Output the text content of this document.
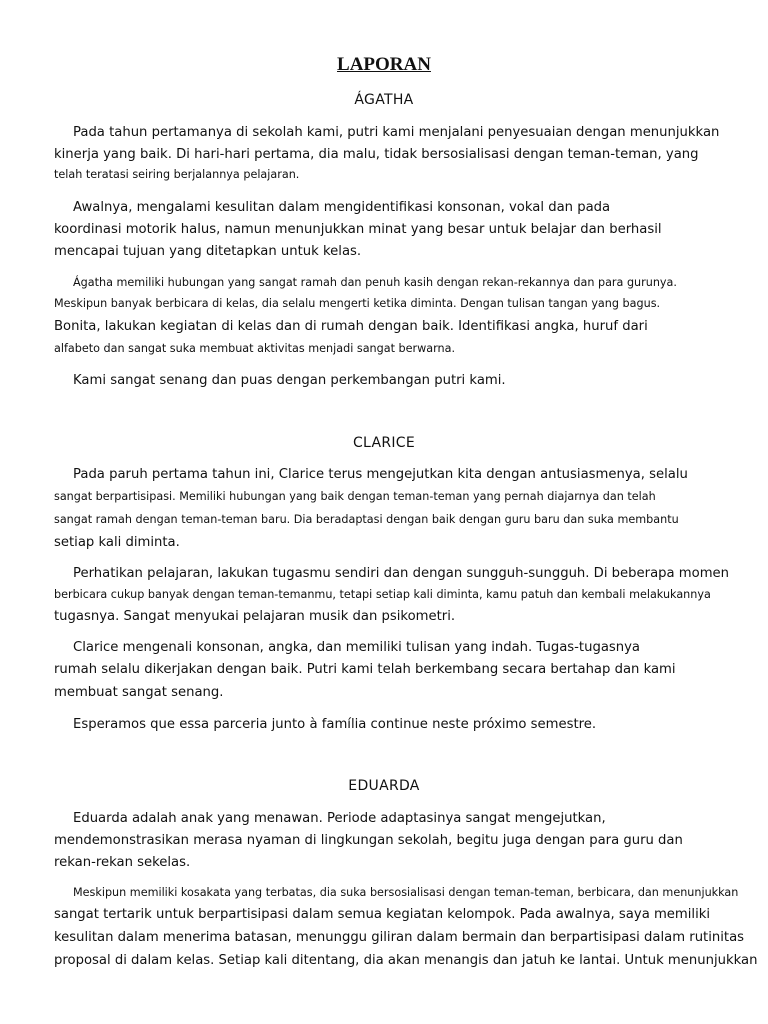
LAPORAN
ÁGATHA
Pada tahun pertamanya di sekolah kami, putri kami menjalani penyesuaian dengan menunjukkan
kinerja yang baik. Di hari-hari pertama, dia malu, tidak bersosialisasi dengan teman-teman, yang
telah teratasi seiring berjalannya pelajaran.
Awalnya, mengalami kesulitan dalam mengidentifikasi konsonan, vokal dan pada
koordinasi motorik halus, namun menunjukkan minat yang besar untuk belajar dan berhasil
mencapai tujuan yang ditetapkan untuk kelas.
Ágatha memiliki hubungan yang sangat ramah dan penuh kasih dengan rekan-rekannya dan para gurunya.
Meskipun banyak berbicara di kelas, dia selalu mengerti ketika diminta. Dengan tulisan tangan yang bagus.
Bonita, lakukan kegiatan di kelas dan di rumah dengan baik. Identifikasi angka, huruf dari
alfabeto dan sangat suka membuat aktivitas menjadi sangat berwarna.
Kami sangat senang dan puas dengan perkembangan putri kami.
CLARICE
Pada paruh pertama tahun ini, Clarice terus mengejutkan kita dengan antusiasmenya, selalu
sangat berpartisipasi. Memiliki hubungan yang baik dengan teman-teman yang pernah diajarnya dan telah
sangat ramah dengan teman-teman baru. Dia beradaptasi dengan baik dengan guru baru dan suka membantu
setiap kali diminta.
Perhatikan pelajaran, lakukan tugasmu sendiri dan dengan sungguh-sungguh. Di beberapa momen
berbicara cukup banyak dengan teman-temanmu, tetapi setiap kali diminta, kamu patuh dan kembali melakukannya
tugasnya. Sangat menyukai pelajaran musik dan psikometri.
Clarice mengenali konsonan, angka, dan memiliki tulisan yang indah. Tugas-tugasnya
rumah selalu dikerjakan dengan baik. Putri kami telah berkembang secara bertahap dan kami
membuat sangat senang.
Esperamos que essa parceria junto à família continue neste próximo semestre.
EDUARDA
Eduarda adalah anak yang menawan. Periode adaptasinya sangat mengejutkan,
mendemonstrasikan merasa nyaman di lingkungan sekolah, begitu juga dengan para guru dan
rekan-rekan sekelas.
Meskipun memiliki kosakata yang terbatas, dia suka bersosialisasi dengan teman-teman, berbicara, dan menunjukkan
sangat tertarik untuk berpartisipasi dalam semua kegiatan kelompok. Pada awalnya, saya memiliki
kesulitan dalam menerima batasan, menunggu giliran dalam bermain dan berpartisipasi dalam rutinitas
proposal di dalam kelas. Setiap kali ditentang, dia akan menangis dan jatuh ke lantai. Untuk menunjukkan
